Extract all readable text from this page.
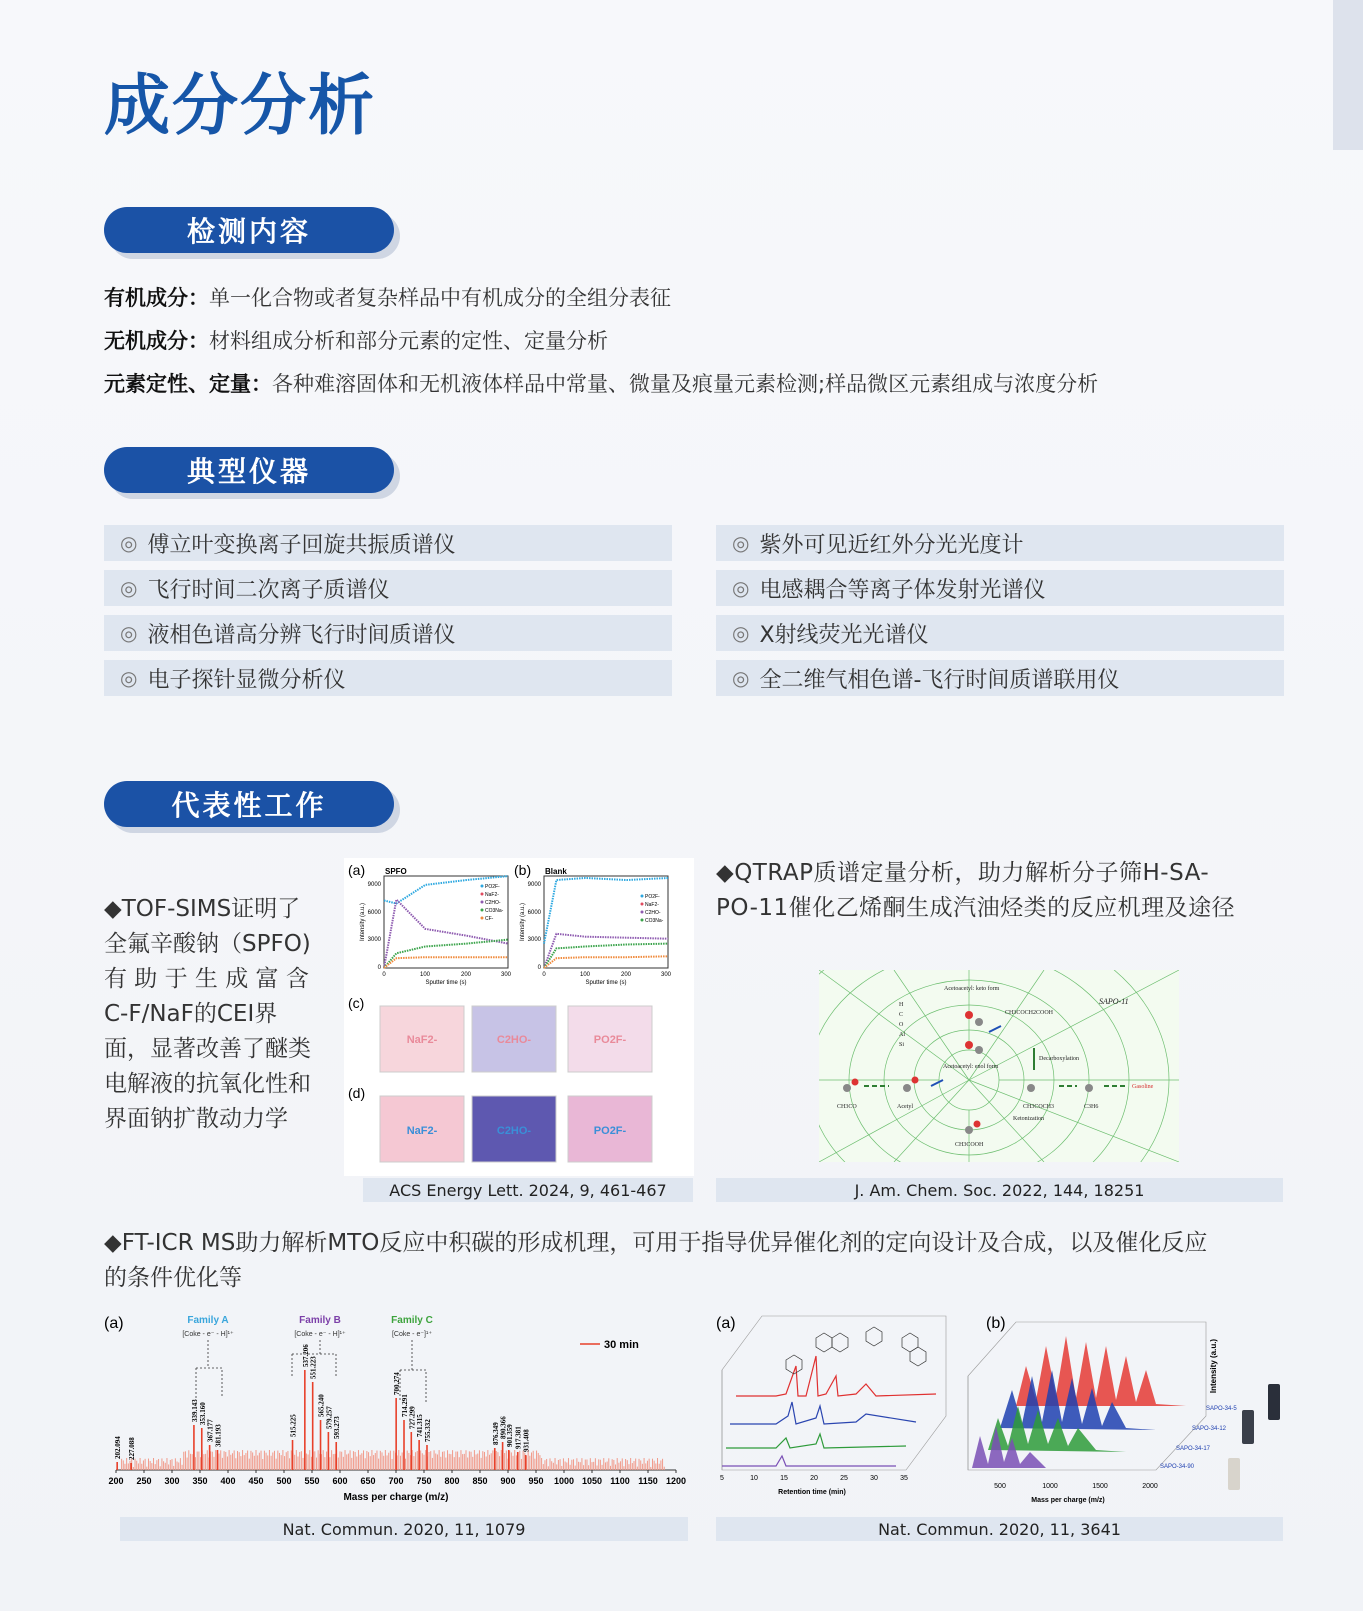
成分分析
检测内容
有机成分：单一化合物或者复杂样品中有机成分的全组分表征
无机成分：材料组成分析和部分元素的定性、定量分析
元素定性、定量：各种难溶固体和无机液体样品中常量、微量及痕量元素检测;样品微区元素组成与浓度分析
典型仪器
◎ 傅立叶变换离子回旋共振质谱仪
◎ 飞行时间二次离子质谱仪
◎ 液相色谱高分辨飞行时间质谱仪
◎ 电子探针显微分析仪
◎ 紫外可见近红外分光光度计
◎ 电感耦合等离子体发射光谱仪
◎ X射线荧光光谱仪
◎ 全二维气相色谱-飞行时间质谱联用仪
代表性工作
◆TOF-SIMS证明了
全氟辛酸钠（SPFO)
有 助 于 生 成 富 含
C-F/NaF的CEI界
面，显著改善了醚类
电解液的抗氧化性和
界面钠扩散动力学
(a) SPFO
9000
6000
3000
0
0	100	200	300
Sputter time (s)
Intensity (a.u.)
PO2F-
NaF2-
C2HO-
CO3Na-
CF-
(b) Blank
9000
6000
3000
0
0	100	200	300
Sputter time (s)
Intensity (a.u.)
PO2F-
NaF2-
C2HO-
CO3Na-
(c)
NaF2-	C2HO-	PO2F-
(d)
NaF2-	C2HO-	PO2F-
ACS Energy Lett. 2024, 9, 461-467
◆QTRAP质谱定量分析，助力解析分子筛H-SA-
PO-11催化乙烯酮生成汽油烃类的反应机理及途径
Acetoacetyl: keto form
SAPO-11
CH3COCH2COOH
Decarboxylation
Acetoacetyl: enol form
CH3CO	Acetyl	CH3COCH3	C3H6
Gasoline
Ketonization
CH3COOH
H
C
O
Al
Si
J. Am. Chem. Soc. 2022, 144, 18251
◆FT-ICR MS助力解析MTO反应中积碳的形成机理，可用于指导优异催化剂的定向设计及合成，以及催化反应
的条件优化等
(a)	Family A	Family B	Family C
[Coke - e⁻ - H]¹⁺	[Coke - e⁻ - H]¹⁺	[Coke - e⁻]¹⁺
30 min
202.094 227.088
339.143 353.160
367.177 381.193	515.225
537.206
551.223
565.240
579.257 593.273
700.274
714.291
727.299 741.315 755.332	876.349 890.366
901.359 917.381 931.408
200 250 300 350 400 450 500 550 600 650 700 750 800 850 900 950 1000 1050 1100 1150 1200
Mass per charge (m/z)
Nat. Commun. 2020, 11, 1079
(a)
5	10	15	20	25	30	35
Retention time (min)
(b)
SAPO-34-5
SAPO-34-12
SAPO-34-17
SAPO-34-90
Intensity (a.u.)
500	1000	1500	2000
Mass per charge (m/z)
Nat. Commun. 2020, 11, 3641
